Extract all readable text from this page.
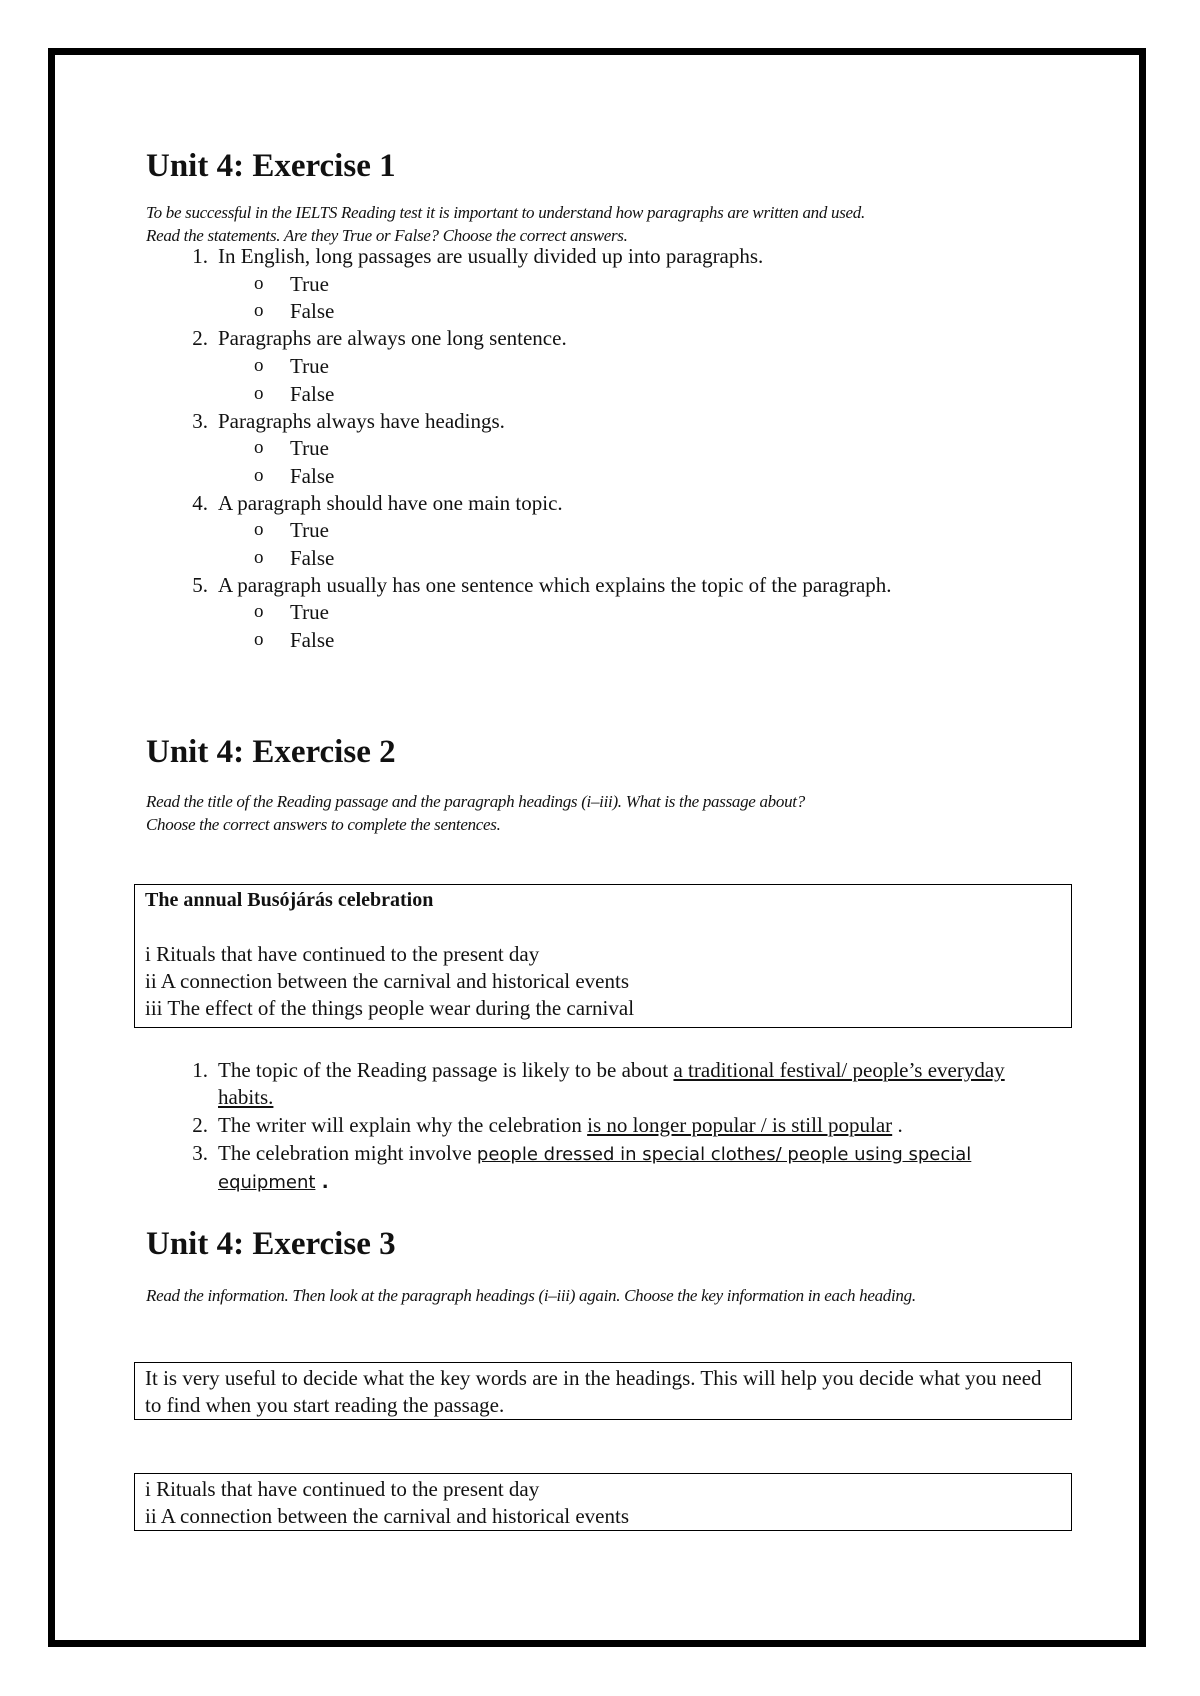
Unit 4: Exercise 1
To be successful in the IELTS Reading test it is important to understand how paragraphs are written and used.
Read the statements. Are they True or False? Choose the correct answers.
1. In English, long passages are usually divided up into paragraphs.
o True
o False
2. Paragraphs are always one long sentence.
o True
o False
3. Paragraphs always have headings.
o True
o False
4. A paragraph should have one main topic.
o True
o False
5. A paragraph usually has one sentence which explains the topic of the paragraph.
o True
o False
Unit 4: Exercise 2
Read the title of the Reading passage and the paragraph headings (i–iii). What is the passage about?
Choose the correct answers to complete the sentences.
The annual Busójárás celebration
i Rituals that have continued to the present day
ii A connection between the carnival and historical events
iii The effect of the things people wear during the carnival
1. The topic of the Reading passage is likely to be about a traditional festival/ people’s everyday habits.
2. The writer will explain why the celebration is no longer popular / is still popular .
3. The celebration might involve people dressed in special clothes/ people using special equipment .
Unit 4: Exercise 3
Read the information. Then look at the paragraph headings (i–iii) again. Choose the key information in each heading.
It is very useful to decide what the key words are in the headings. This will help you decide what you need to find when you start reading the passage.
i Rituals that have continued to the present day
ii A connection between the carnival and historical events
